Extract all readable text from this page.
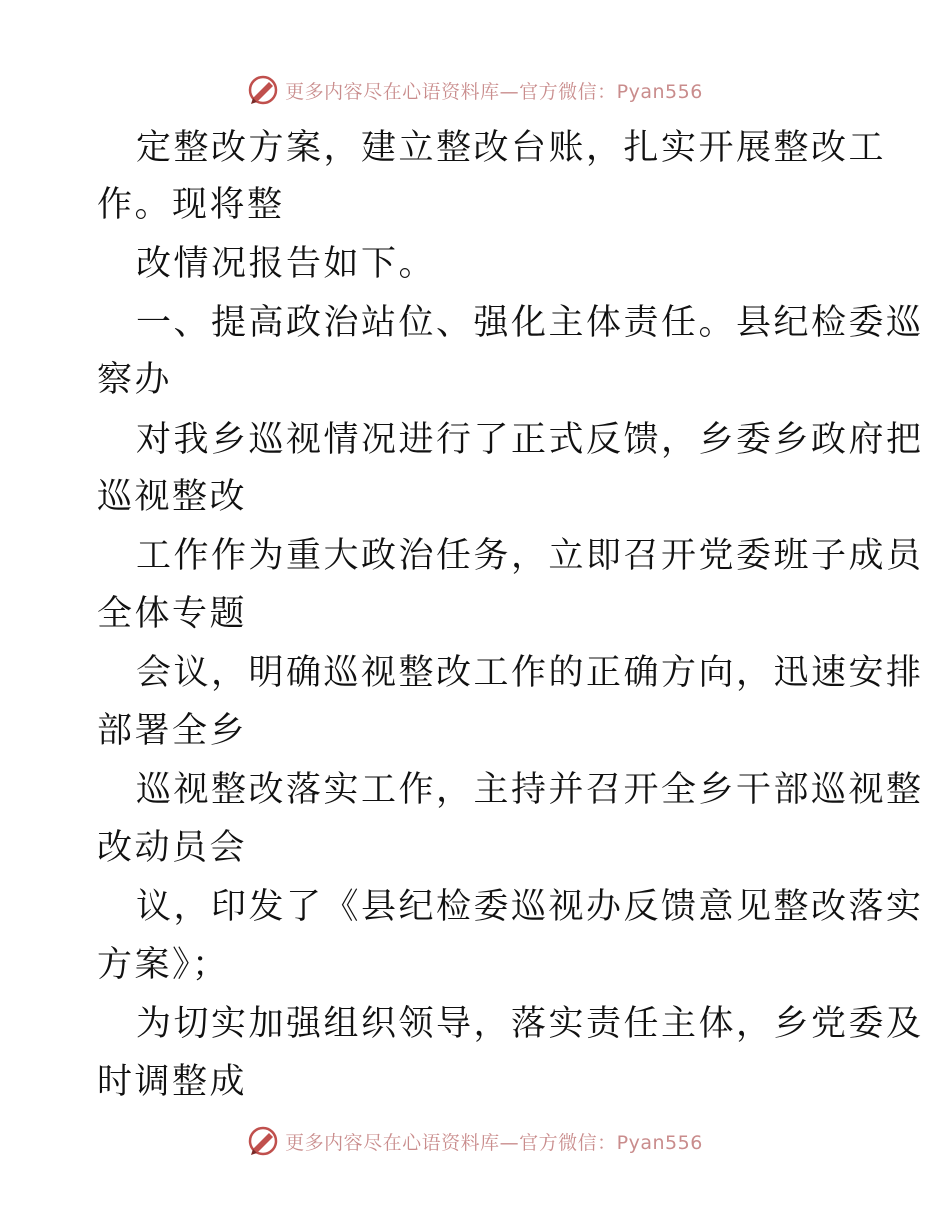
更多内容尽在心语资料库—官方微信：Pyan556
定整改方案，建立整改台账，扎实开展整改工
作。现将整
改情况报告如下。
一、提高政治站位、强化主体责任。县纪检委巡
察办
对我乡巡视情况进行了正式反馈，乡委乡政府把
巡视整改
工作作为重大政治任务，立即召开党委班子成员
全体专题
会议，明确巡视整改工作的正确方向，迅速安排
部署全乡
巡视整改落实工作，主持并召开全乡干部巡视整
改动员会
议，印发了《县纪检委巡视办反馈意见整改落实
方案》；
为切实加强组织领导，落实责任主体，乡党委及
时调整成
更多内容尽在心语资料库—官方微信：Pyan556
